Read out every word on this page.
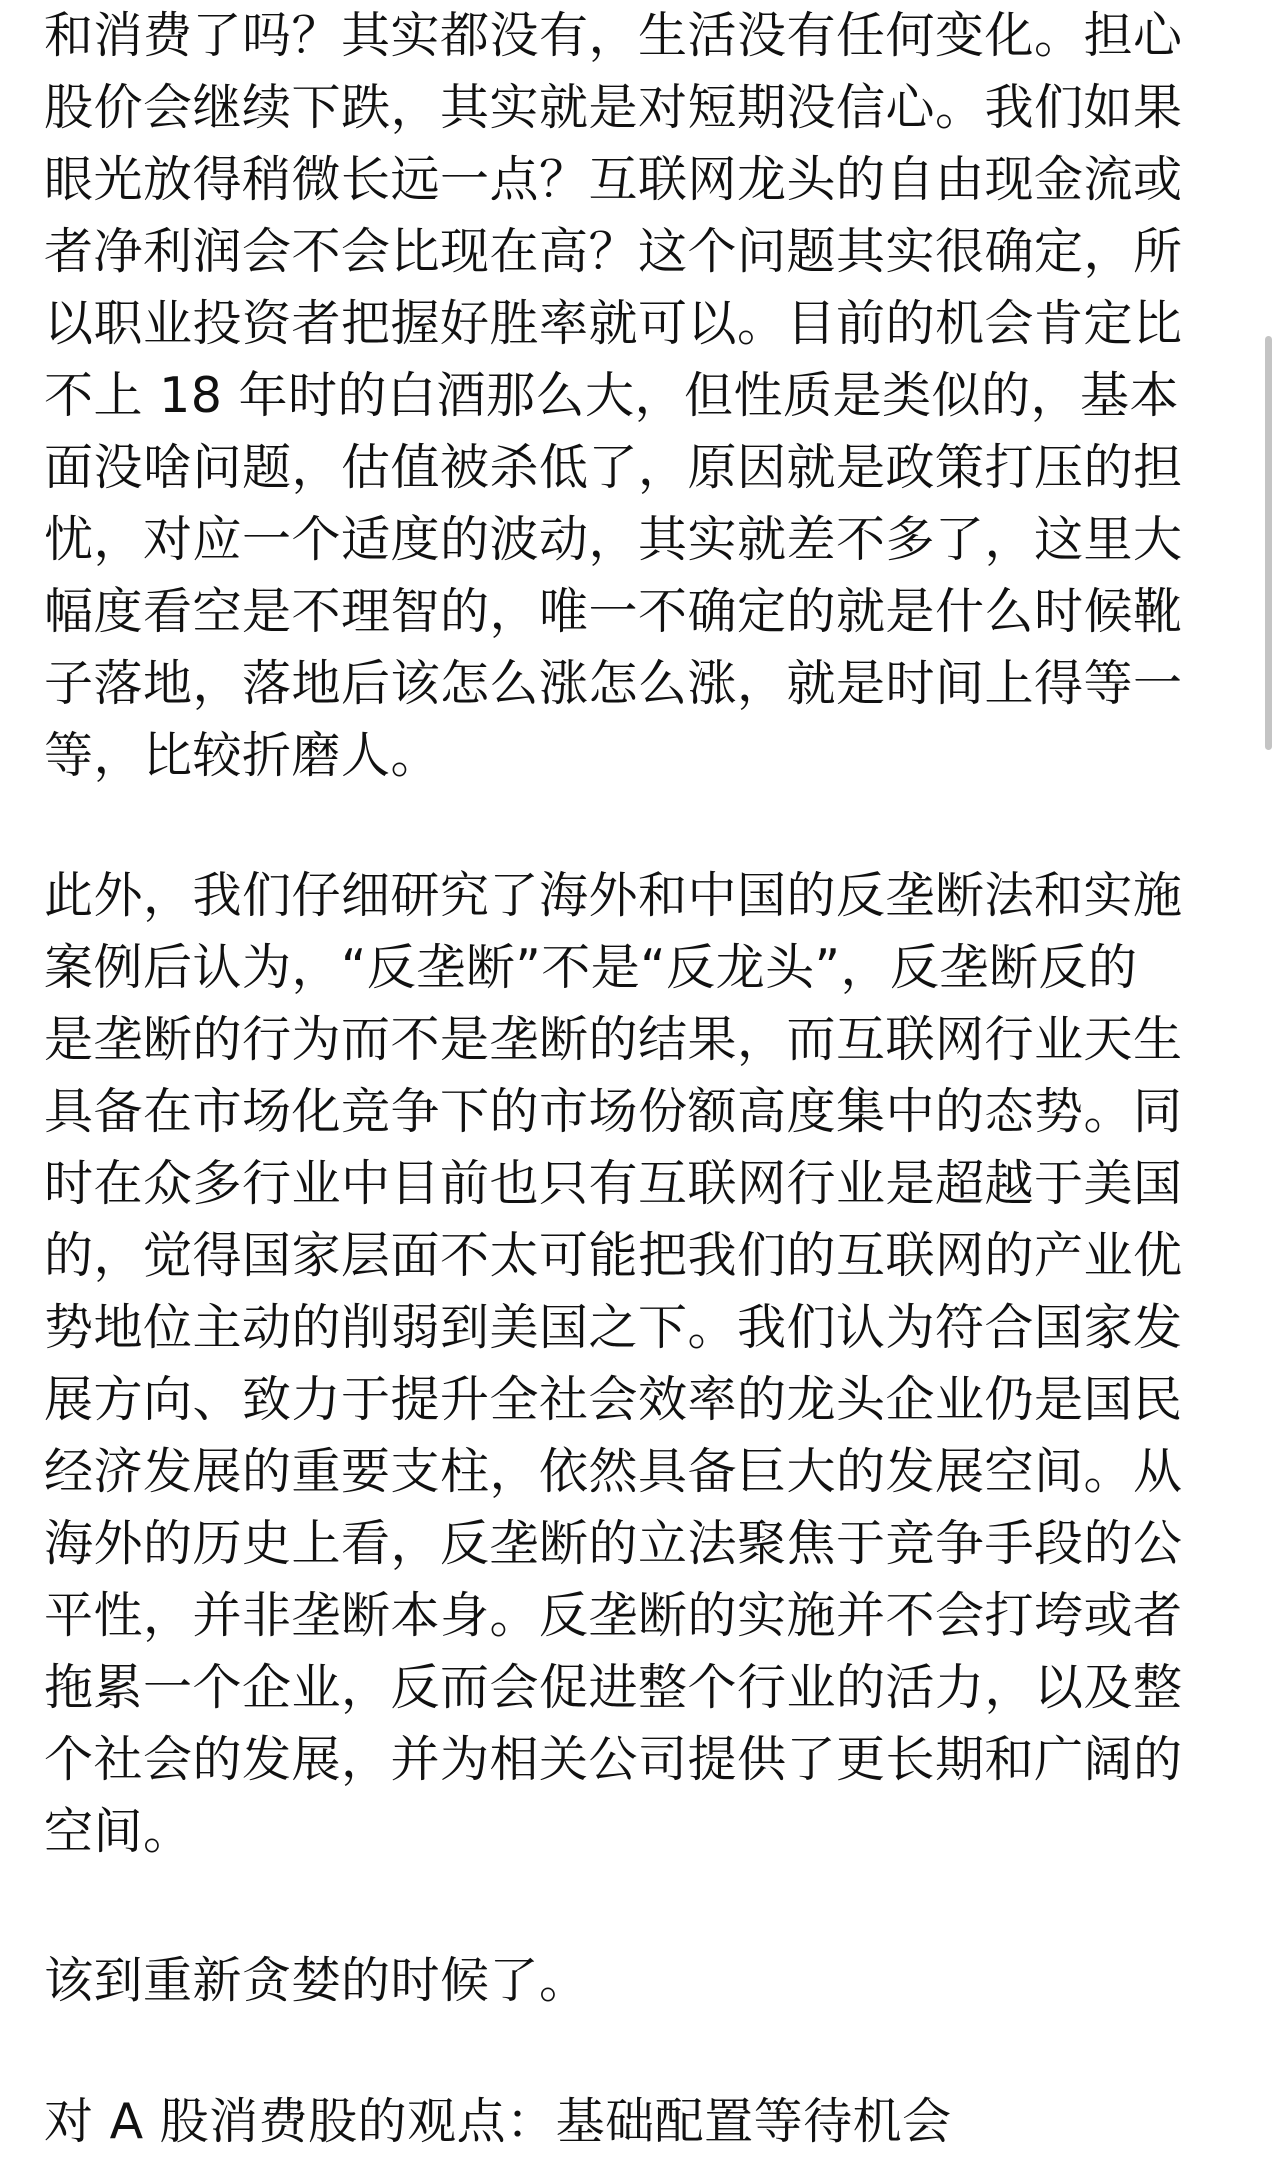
和消费了吗？其实都没有，生活没有任何变化。担心
股价会继续下跌，其实就是对短期没信心。我们如果
眼光放得稍微长远一点？互联网龙头的自由现金流或
者净利润会不会比现在高？这个问题其实很确定，所
以职业投资者把握好胜率就可以。目前的机会肯定比
不上 18 年时的白酒那么大，但性质是类似的，基本
面没啥问题，估值被杀低了，原因就是政策打压的担
忧，对应一个适度的波动，其实就差不多了，这里大
幅度看空是不理智的，唯一不确定的就是什么时候靴
子落地，落地后该怎么涨怎么涨，就是时间上得等一
等，比较折磨人。
此外，我们仔细研究了海外和中国的反垄断法和实施
案例后认为，“反垄断”不是“反龙头”，反垄断反的
是垄断的行为而不是垄断的结果，而互联网行业天生
具备在市场化竞争下的市场份额高度集中的态势。同
时在众多行业中目前也只有互联网行业是超越于美国
的，觉得国家层面不太可能把我们的互联网的产业优
势地位主动的削弱到美国之下。我们认为符合国家发
展方向、致力于提升全社会效率的龙头企业仍是国民
经济发展的重要支柱，依然具备巨大的发展空间。从
海外的历史上看，反垄断的立法聚焦于竞争手段的公
平性，并非垄断本身。反垄断的实施并不会打垮或者
拖累一个企业，反而会促进整个行业的活力，以及整
个社会的发展，并为相关公司提供了更长期和广阔的
空间。
该到重新贪婪的时候了。
对 A 股消费股的观点：基础配置等待机会
